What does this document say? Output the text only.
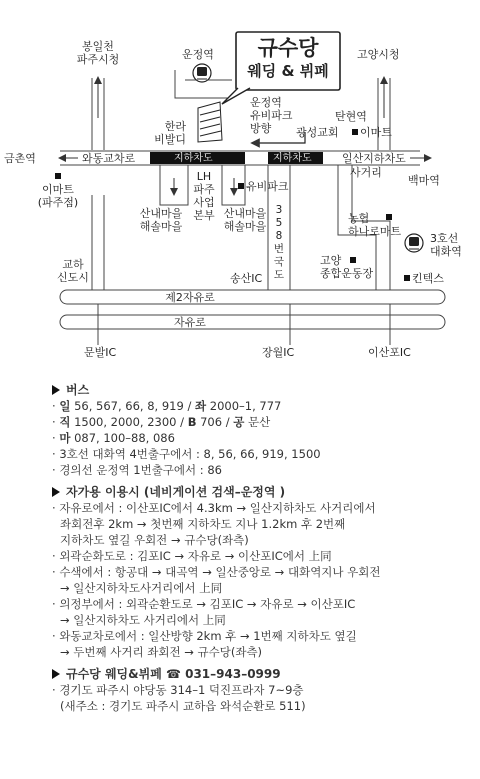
규수당
웨딩 & 뷔페
봉일천
파주시청	운정역	고양시청
운정역
유비파크
방향
한라
비발디
탄현역
광성교회	이마트
금촌역	와동교차로	지하차도	지하차도	일산지하차도
사거리
백마역

이마트
(파주점)
LH
파주
사업
본부
유비파크
산내마을
해솔마을
산내마을
해솔마을
3
5
8
번
국
도
농협
하나로마트
3호선
대화역
교하
신도시	송산IC
고양
종합운동장	킨텍스
제2자유로
자유로
문발IC	장월IC	이산포IC
버스
· 일 56, 567, 66, 8, 919 / 좌 2000–1, 777
· 직 1500, 2000, 2300 / B 706 / 공 문산
· 마 087, 100–88, 086
· 3호선 대화역 4번출구에서 : 8, 56, 66, 919, 1500
· 경의선 운정역 1번출구에서 : 86
자가용 이용시 (네비게이션 검색–운정역 )
· 자유로에서 : 이산포IC에서 4.3km → 일산지하차도 사거리에서
좌회전후 2km → 첫번째 지하차도 지나 1.2km 후 2번째
지하차도 옆길 우회전 → 규수당(좌측)
· 외곽순화도로 : 김포IC → 자유로 → 이산포IC에서 上同
· 수색에서 : 항공대 → 대곡역 → 일산중앙로 → 대화역지나 우회전
→ 일산지하차도사거리에서 上同
· 의정부에서 : 외곽순환도로 → 김포IC → 자유로 → 이산포IC
→ 일산지하차도 사거리에서 上同
· 와동교차로에서 : 일산방향 2km 후 → 1번째 지하차도 옆길
→ 두번째 사거리 좌회전 → 규수당(좌측)
규수당 웨딩&뷔페 ☎ 031–943–0999
· 경기도 파주시 야당동 314–1 덕진프라자 7~9층
(새주소 : 경기도 파주시 교하읍 와석순환로 511)
